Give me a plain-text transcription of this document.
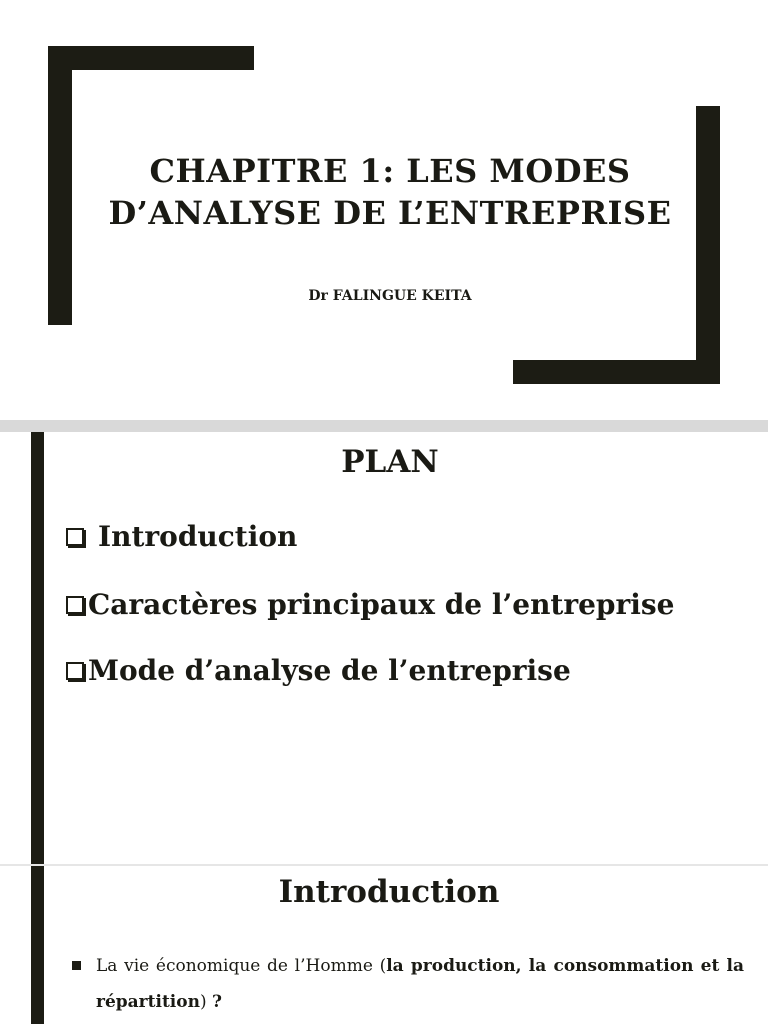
CHAPITRE 1: LES MODES
D’ANALYSE DE L’ENTREPRISE

Dr FALINGUE KEITA

PLAN
Introduction
Caractères principaux de l’entreprise
Mode d’analyse de l’entreprise
Introduction
La vie économique de l’Homme (la production, la consommation et la répartition) ?
